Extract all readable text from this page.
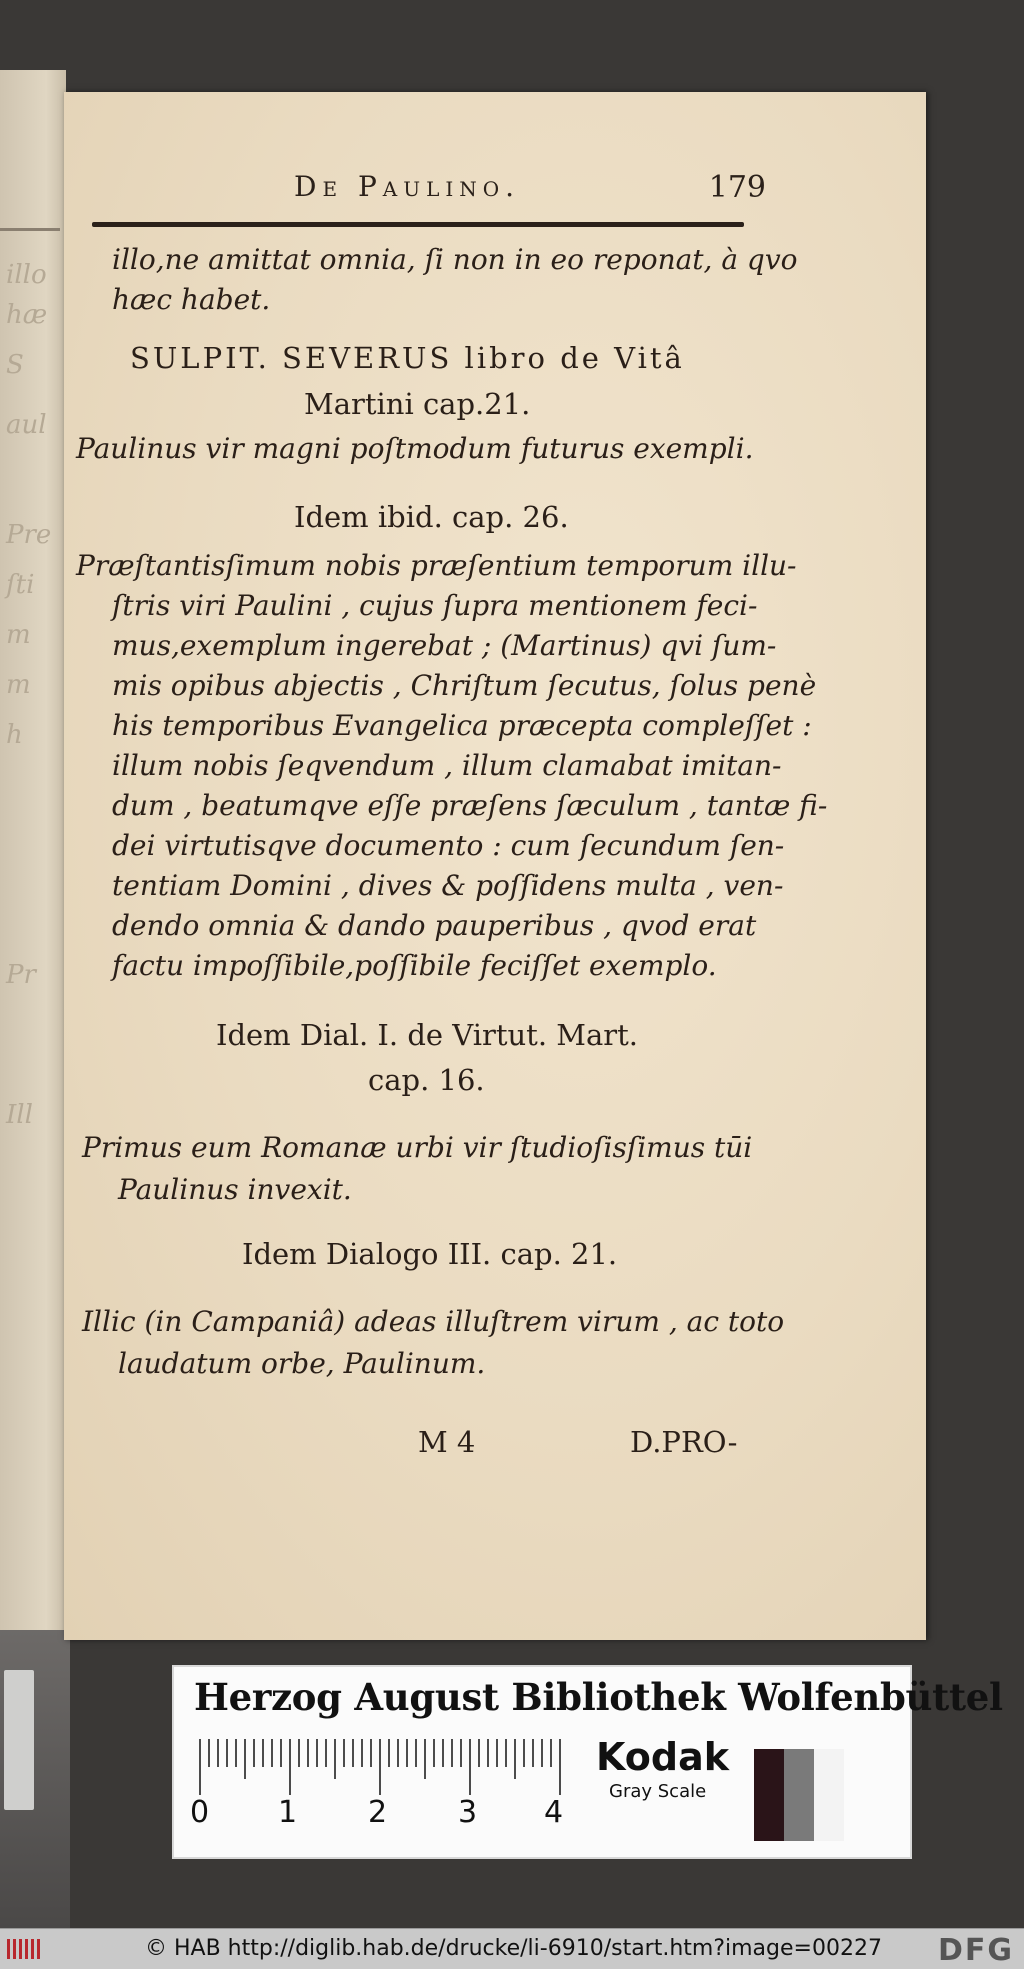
illo
hæ
S
aul
Pre
ſti
m
m
h
Pr
Ill
De Paulino.	179
illo,ne amittat omnia, ſi non in eo reponat, à qvo
hæc habet.
SULPIT. SEVERUS libro de Vitâ
Martini cap.21.
Paulinus vir magni poſtmodum futurus exempli.
Idem ibid. cap. 26.
Præſtantisſimum nobis præſentium temporum illu-
ſtris viri Paulini , cujus ſupra mentionem feci-
mus,exemplum ingerebat ; (Martinus) qvi ſum-
mis opibus abjectis , Chriſtum ſecutus, ſolus penè
his temporibus Evangelica præcepta compleſſet :
illum nobis ſeqvendum , illum clamabat imitan-
dum , beatumqve eſſe præſens ſæculum , tantæ fi-
dei virtutisqve documento : cum ſecundum ſen-
tentiam Domini , dives & poſſidens multa , ven-
dendo omnia & dando pauperibus , qvod erat
factu impoſſibile,poſſibile feciſſet exemplo.
Idem Dial. I. de Virtut. Mart.
cap. 16.
Primus eum Romanæ urbi vir ſtudioſisſimus tūi
Paulinus invexit.
Idem Dialogo III. cap. 21.
Illic (in Campaniâ) adeas illuſtrem virum , ac toto
laudatum orbe, Paulinum.
M 4	D.PRO-
Herzog August Bibliothek Wolfenbüttel
0 1 2 3 4
Kodak
Gray Scale
© HAB http://diglib.hab.de/drucke/li-6910/start.htm?image=00227 DFG
